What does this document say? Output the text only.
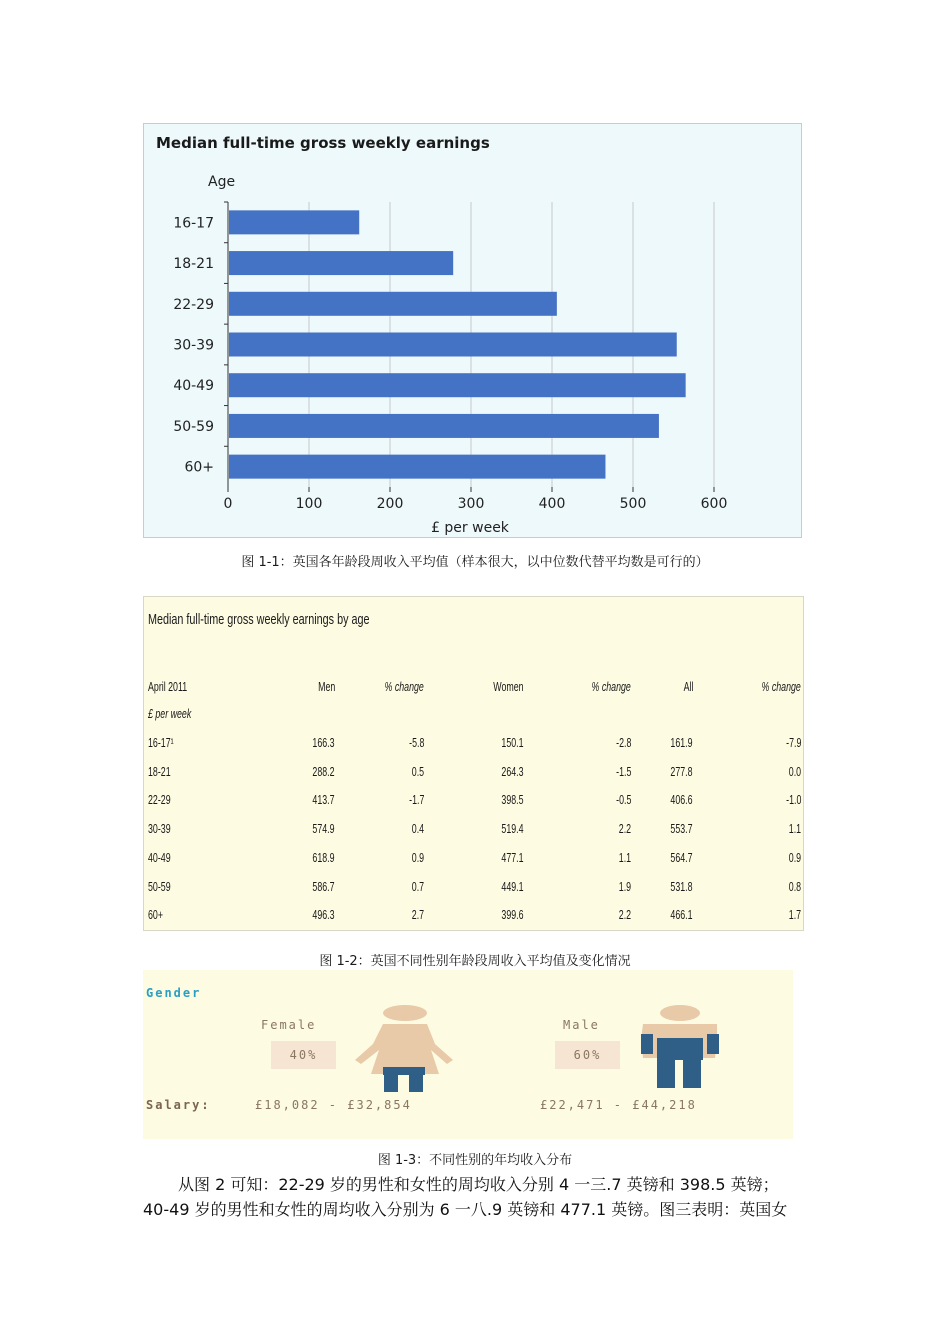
Median full-time gross weekly earnings
Age
16-17
18-21
22-29
30-39
40-49
50-59
60+
0	100	200	300	400	500	600
£ per week
图 1-1：英国各年龄段周收入平均值（样本很大，以中位数代替平均数是可行的）
Median full-time gross weekly earnings by age
April 2011
£ per week
Men	% change	Women	% change	All	% change
16-17¹	166.3	-5.8	150.1	-2.8	161.9	-7.9
18-21	288.2	0.5	264.3	-1.5	277.8	0.0
22-29	413.7	-1.7	398.5	-0.5	406.6	-1.0
30-39	574.9	0.4	519.4	2.2	553.7	1.1
40-49	618.9	0.9	477.1	1.1	564.7	0.9
50-59	586.7	0.7	449.1	1.9	531.8	0.8
60+	496.3	2.7	399.6	2.2	466.1	1.7
图 1-2：英国不同性别年龄段周收入平均值及变化情况
Gender
Female
40%
Male
60%
Salary:	£18,082 - £32,854	£22,471 - £44,218
图 1-3：不同性别的年均收入分布
从图 2 可知：22-29 岁的男性和女性的周均收入分别 4 一三.7 英镑和 398.5 英镑；
40-49 岁的男性和女性的周均收入分别为 6 一八.9 英镑和 477.1 英镑。图三表明：英国女
